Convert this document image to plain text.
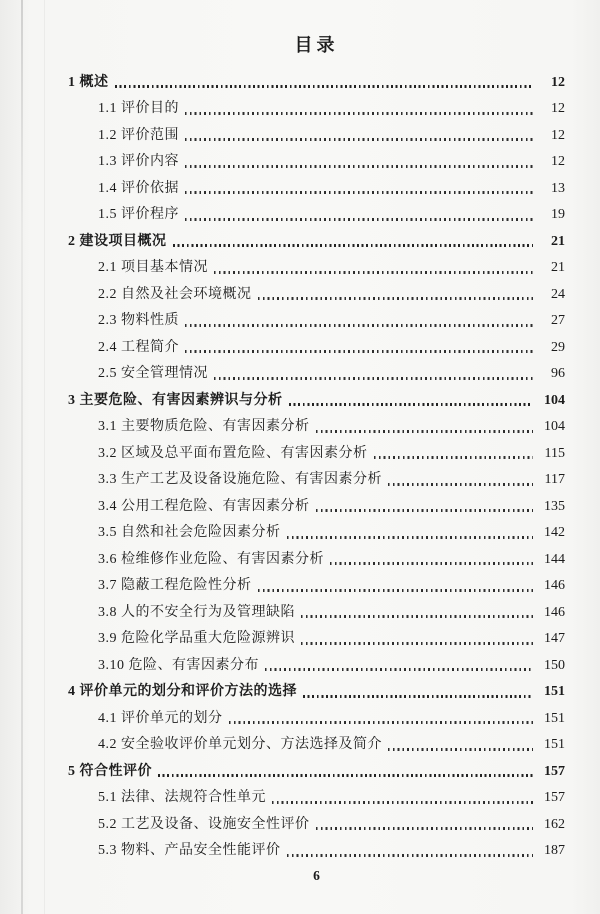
目录
1 概述	12
1.1 评价目的	12
1.2 评价范围	12
1.3 评价内容	12
1.4 评价依据	13
1.5 评价程序	19
2 建设项目概况	21
2.1 项目基本情况	21
2.2 自然及社会环境概况	24
2.3 物料性质	27
2.4 工程简介	29
2.5 安全管理情况	96
3 主要危险、有害因素辨识与分析	104
3.1 主要物质危险、有害因素分析	104
3.2 区域及总平面布置危险、有害因素分析	115
3.3 生产工艺及设备设施危险、有害因素分析	117
3.4 公用工程危险、有害因素分析	135
3.5 自然和社会危险因素分析	142
3.6 检维修作业危险、有害因素分析	144
3.7 隐蔽工程危险性分析	146
3.8 人的不安全行为及管理缺陷	146
3.9 危险化学品重大危险源辨识	147
3.10 危险、有害因素分布	150
4 评价单元的划分和评价方法的选择	151
4.1 评价单元的划分	151
4.2 安全验收评价单元划分、方法选择及简介	151
5 符合性评价	157
5.1 法律、法规符合性单元	157
5.2 工艺及设备、设施安全性评价	162
5.3 物料、产品安全性能评价	187
6
